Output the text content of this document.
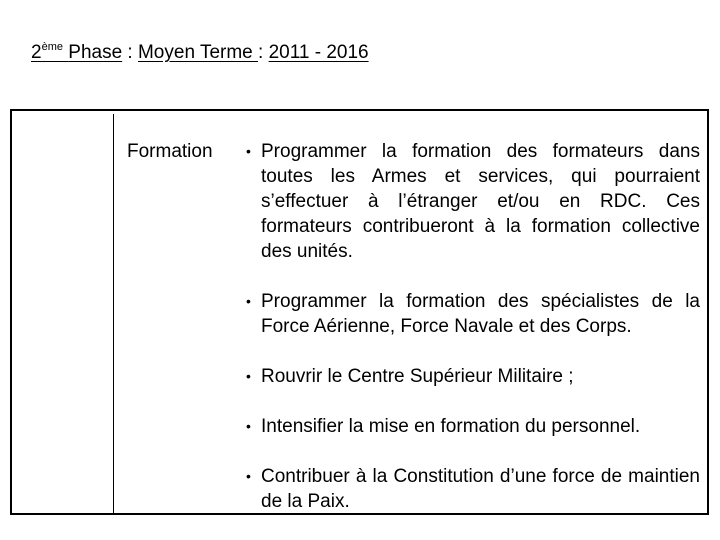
2ème Phase : Moyen Terme : 2011 - 2016
Formation • Programmer la formation des formateurs dans toutes les Armes et services, qui pourraient s’effectuer à l’étranger et/ou en RDC. Ces formateurs contribueront à la formation collective des unités.
• Programmer la formation des spécialistes de la Force Aérienne, Force Navale et des Corps.
• Rouvrir le Centre Supérieur Militaire ;
• Intensifier la mise en formation du personnel.
• Contribuer à la Constitution d’une force de maintien de la Paix.
